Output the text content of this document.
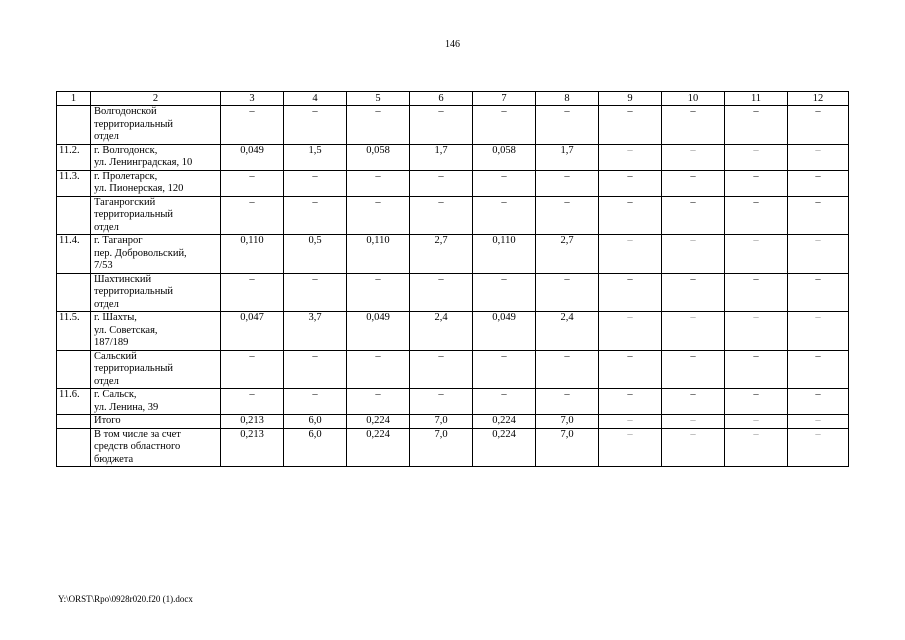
146
1	2	3	4	5	6	7	8	9	10	11	12

	Волгодонской
территориальный
отдел	–	–	–	–	–	–	–	–	–	–
11.2.	г. Волгодонск,
ул. Ленинградская, 10	0,049	1,5	0,058	1,7	0,058	1,7	–	–	–	–
11.3.	г. Пролетарск,
ул. Пионерская, 120	–	–	–	–	–	–	–	–	–	–

	Таганрогский
территориальный
отдел	–	–	–	–	–	–	–	–	–	–
11.4.	г. Таганрог
пер. Добровольский,
7/53	0,110	0,5	0,110	2,7	0,110	2,7	–	–	–	–

	Шахтинский
территориальный
отдел	–	–	–	–	–	–	–	–	–	–
11.5.	г. Шахты,
ул. Советская,
187/189	0,047	3,7	0,049	2,4	0,049	2,4	–	–	–	–

	Сальский
территориальный
отдел	–	–	–	–	–	–	–	–	–	–
11.6.	г. Сальск,
ул. Ленина, 39	–	–	–	–	–	–	–	–	–	–

	Итого	0,213	6,0	0,224	7,0	0,224	7,0	–	–	–	–

	В том числе за счет
средств областного
бюджета	0,213	6,0	0,224	7,0	0,224	7,0	–	–	–	–
Y:\ORST\Rpo\0928r020.f20 (1).docx
